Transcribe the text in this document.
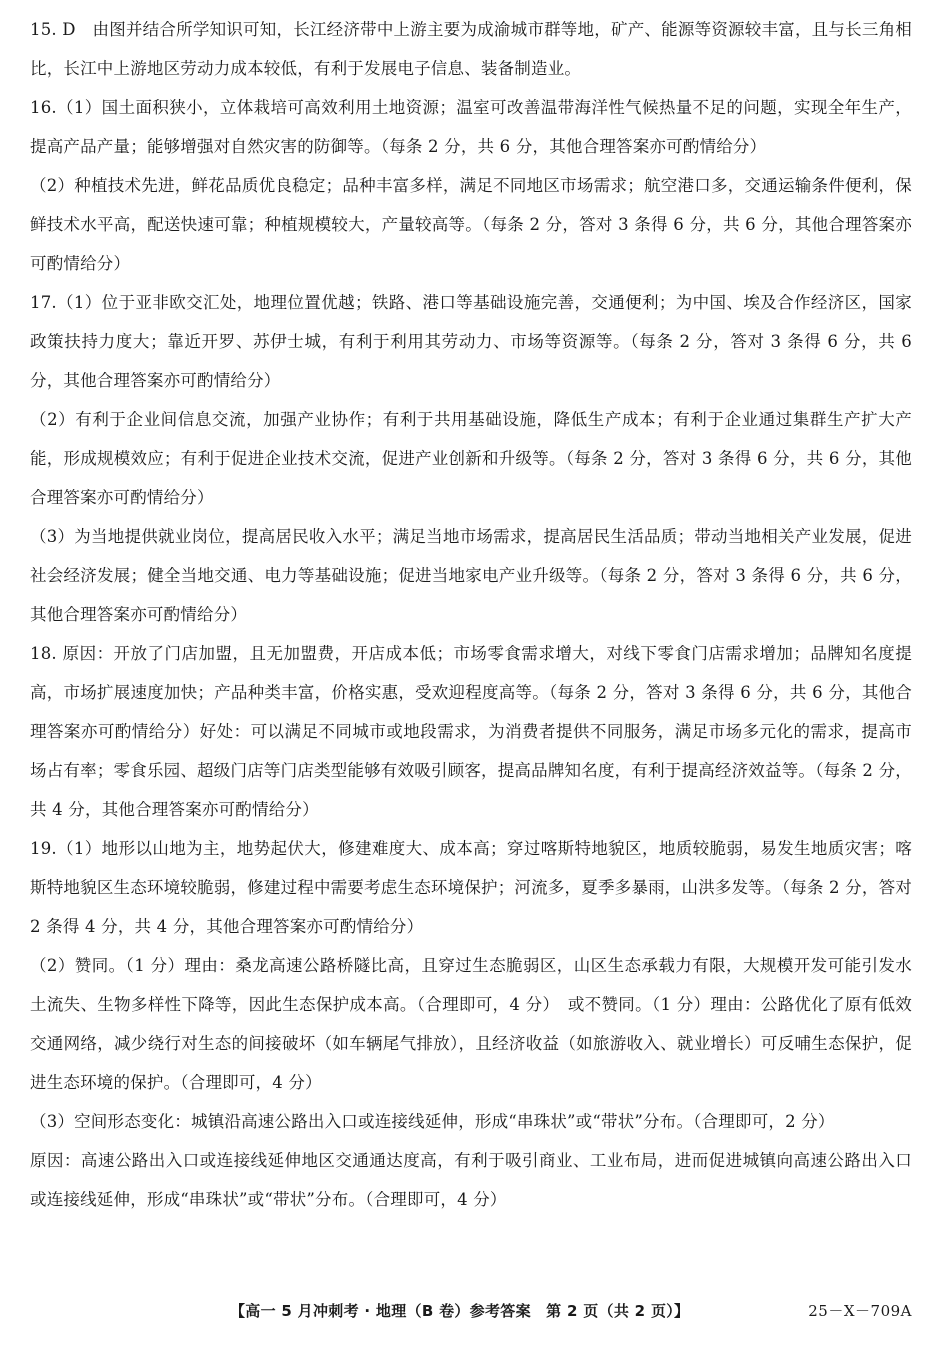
15. D　由图并结合所学知识可知，长江经济带中上游主要为成渝城市群等地，矿产、能源等资源较丰富，且与长三角相比，长江中上游地区劳动力成本较低，有利于发展电子信息、装备制造业。
16.（1）国土面积狭小，立体栽培可高效利用土地资源；温室可改善温带海洋性气候热量不足的问题，实现全年生产，提高产品产量；能够增强对自然灾害的防御等。（每条 2 分，共 6 分，其他合理答案亦可酌情给分）
（2）种植技术先进，鲜花品质优良稳定；品种丰富多样，满足不同地区市场需求；航空港口多，交通运输条件便利，保鲜技术水平高，配送快速可靠；种植规模较大，产量较高等。（每条 2 分，答对 3 条得 6 分，共 6 分，其他合理答案亦可酌情给分）
17.（1）位于亚非欧交汇处，地理位置优越；铁路、港口等基础设施完善，交通便利；为中国、埃及合作经济区，国家政策扶持力度大；靠近开罗、苏伊士城，有利于利用其劳动力、市场等资源等。（每条 2 分，答对 3 条得 6 分，共 6 分，其他合理答案亦可酌情给分）
（2）有利于企业间信息交流，加强产业协作；有利于共用基础设施，降低生产成本；有利于企业通过集群生产扩大产能，形成规模效应；有利于促进企业技术交流，促进产业创新和升级等。（每条 2 分，答对 3 条得 6 分，共 6 分，其他合理答案亦可酌情给分）
（3）为当地提供就业岗位，提高居民收入水平；满足当地市场需求，提高居民生活品质；带动当地相关产业发展，促进社会经济发展；健全当地交通、电力等基础设施；促进当地家电产业升级等。（每条 2 分，答对 3 条得 6 分，共 6 分，其他合理答案亦可酌情给分）
18. 原因：开放了门店加盟，且无加盟费，开店成本低；市场零食需求增大，对线下零食门店需求增加；品牌知名度提高，市场扩展速度加快；产品种类丰富，价格实惠，受欢迎程度高等。（每条 2 分，答对 3 条得 6 分，共 6 分，其他合理答案亦可酌情给分）好处：可以满足不同城市或地段需求，为消费者提供不同服务，满足市场多元化的需求，提高市场占有率；零食乐园、超级门店等门店类型能够有效吸引顾客，提高品牌知名度，有利于提高经济效益等。（每条 2 分，共 4 分，其他合理答案亦可酌情给分）
19.（1）地形以山地为主，地势起伏大，修建难度大、成本高；穿过喀斯特地貌区，地质较脆弱，易发生地质灾害；喀斯特地貌区生态环境较脆弱，修建过程中需要考虑生态环境保护；河流多，夏季多暴雨，山洪多发等。（每条 2 分，答对 2 条得 4 分，共 4 分，其他合理答案亦可酌情给分）
（2）赞同。（1 分）理由：桑龙高速公路桥隧比高，且穿过生态脆弱区，山区生态承载力有限，大规模开发可能引发水土流失、生物多样性下降等，因此生态保护成本高。（合理即可，4 分）　或不赞同。（1 分）理由：公路优化了原有低效交通网络，减少绕行对生态的间接破坏（如车辆尾气排放），且经济收益（如旅游收入、就业增长）可反哺生态保护，促进生态环境的保护。（合理即可，4 分）
（3）空间形态变化：城镇沿高速公路出入口或连接线延伸，形成“串珠状”或“带状”分布。（合理即可，2 分）
原因：高速公路出入口或连接线延伸地区交通通达度高，有利于吸引商业、工业布局，进而促进城镇向高速公路出入口或连接线延伸，形成“串珠状”或“带状”分布。（合理即可，4 分）
【高一 5 月冲刺考 · 地理（B 卷）参考答案　第 2 页（共 2 页）】	25－X－709A
